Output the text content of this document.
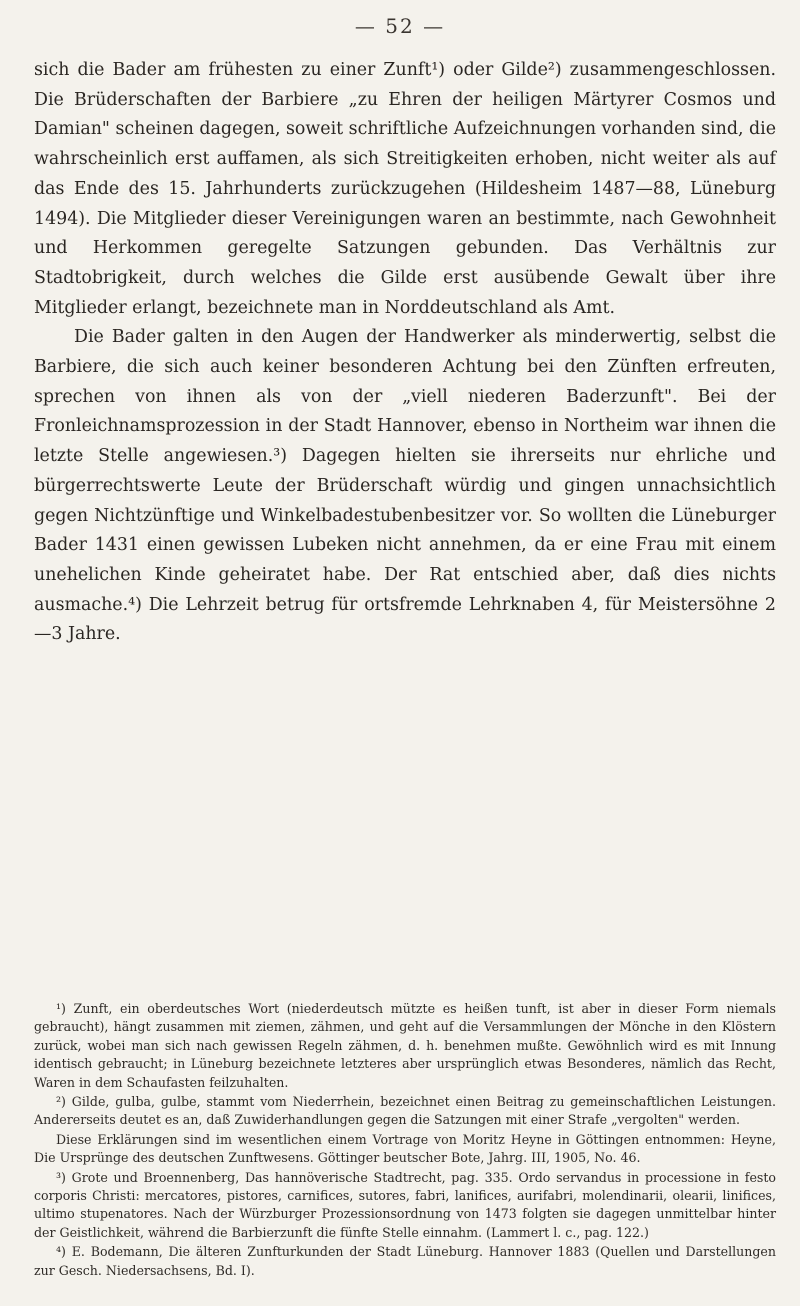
— 52 —

sich die Bader am frühesten zu einer Zunft¹) oder Gilde²) zusammengeschlossen. Die Brüderschaften der Barbiere „zu Ehren der heiligen Märtyrer Cosmos und Damian" scheinen dagegen, soweit schriftliche Aufzeichnungen vorhanden sind, die wahrscheinlich erst auffamen, als sich Streitigkeiten erhoben, nicht weiter als auf das Ende des 15. Jahrhunderts zurückzugehen (Hildesheim 1487—88, Lüneburg 1494). Die Mitglieder dieser Vereinigungen waren an bestimmte, nach Gewohnheit und Herkommen geregelte Satzungen gebunden. Das Verhältnis zur Stadtobrigkeit, durch welches die Gilde erst ausübende Gewalt über ihre Mitglieder erlangt, bezeichnete man in Norddeutschland als Amt.

Die Bader galten in den Augen der Handwerker als minderwertig, selbst die Barbiere, die sich auch keiner besonderen Achtung bei den Zünften erfreuten, sprechen von ihnen als von der „viell niederen Baderzunft". Bei der Fronleichnamsprozession in der Stadt Hannover, ebenso in Northeim war ihnen die letzte Stelle angewiesen.³) Dagegen hielten sie ihrerseits nur ehrliche und bürgerrechtswerte Leute der Brüderschaft würdig und gingen unnachsichtlich gegen Nichtzünftige und Winkelbadestubenbesitzer vor. So wollten die Lüneburger Bader 1431 einen gewissen Lubeken nicht annehmen, da er eine Frau mit einem unehelichen Kinde geheiratet habe. Der Rat entschied aber, daß dies nichts ausmache.⁴) Die Lehrzeit betrug für ortsfremde Lehrknaben 4, für Meistersöhne 2—3 Jahre.

¹) Zunft, ein oberdeutsches Wort (niederdeutsch mützte es heißen tunft, ist aber in dieser Form niemals gebraucht), hängt zusammen mit ziemen, zähmen, und geht auf die Versammlungen der Mönche in den Klöstern zurück, wobei man sich nach gewissen Regeln zähmen, d. h. benehmen mußte. Gewöhnlich wird es mit Innung identisch gebraucht; in Lüneburg bezeichnete letzteres aber ursprünglich etwas Besonderes, nämlich das Recht, Waren in dem Schaufasten feilzuhalten.

²) Gilde, gulba, gulbe, stammt vom Niederrhein, bezeichnet einen Beitrag zu gemeinschaftlichen Leistungen. Andererseits deutet es an, daß Zuwiderhandlungen gegen die Satzungen mit einer Strafe „vergolten" werden.

Diese Erklärungen sind im wesentlichen einem Vortrage von Moritz Heyne in Göttingen entnommen: Heyne, Die Ursprünge des deutschen Zunftwesens. Göttinger beutscher Bote, Jahrg. III, 1905, No. 46.

³) Grote und Broennenberg, Das hannöverische Stadtrecht, pag. 335. Ordo servandus in processione in festo corporis Christi: mercatores, pistores, carnifices, sutores, fabri, lanifices, aurifabri, molendinarii, olearii, linifices, ultimo stupenatores. Nach der Würzburger Prozessionsordnung von 1473 folgten sie dagegen unmittelbar hinter der Geistlichkeit, während die Barbierzunft die fünfte Stelle einnahm. (Lammert l. c., pag. 122.)

⁴) E. Bodemann, Die älteren Zunfturkunden der Stadt Lüneburg. Hannover 1883 (Quellen und Darstellungen zur Gesch. Niedersachsens, Bd. I).
